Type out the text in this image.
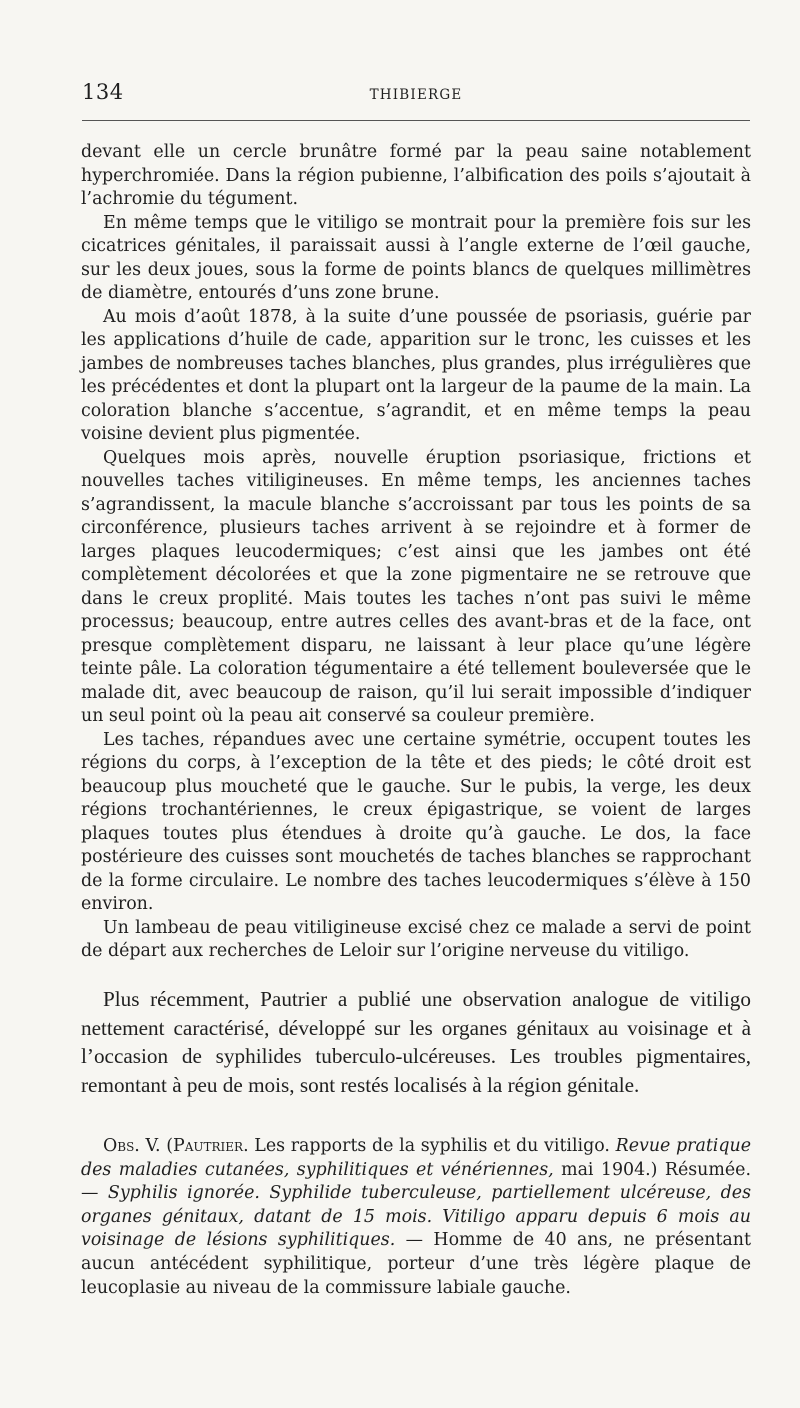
134	THIBIERGE

devant elle un cercle brunâtre formé par la peau saine notablement hyperchromiée. Dans la région pubienne, l’albification des poils s’ajoutait à l’achromie du tégument.

En même temps que le vitiligo se montrait pour la première fois sur les cicatrices génitales, il paraissait aussi à l’angle externe de l’œil gauche, sur les deux joues, sous la forme de points blancs de quelques millimètres de diamètre, entourés d’uns zone brune.

Au mois d’août 1878, à la suite d’une poussée de psoriasis, guérie par les applications d’huile de cade, apparition sur le tronc, les cuisses et les jambes de nombreuses taches blanches, plus grandes, plus irrégulières que les précédentes et dont la plupart ont la largeur de la paume de la main. La coloration blanche s’accentue, s’agrandit, et en même temps la peau voisine devient plus pigmentée.

Quelques mois après, nouvelle éruption psoriasique, frictions et nouvelles taches vitiligineuses. En même temps, les anciennes taches s’agrandissent, la macule blanche s’accroissant par tous les points de sa circonférence, plusieurs taches arrivent à se rejoindre et à former de larges plaques leucodermiques; c’est ainsi que les jambes ont été complètement décolorées et que la zone pigmentaire ne se retrouve que dans le creux proplité. Mais toutes les taches n’ont pas suivi le même processus; beaucoup, entre autres celles des avant-bras et de la face, ont presque complètement disparu, ne laissant à leur place qu’une légère teinte pâle. La coloration tégumentaire a été tellement bouleversée que le malade dit, avec beaucoup de raison, qu’il lui serait impossible d’indiquer un seul point où la peau ait conservé sa couleur première.

Les taches, répandues avec une certaine symétrie, occupent toutes les régions du corps, à l’exception de la tête et des pieds; le côté droit est beaucoup plus moucheté que le gauche. Sur le pubis, la verge, les deux régions trochantériennes, le creux épigastrique, se voient de larges plaques toutes plus étendues à droite qu’à gauche. Le dos, la face postérieure des cuisses sont mouchetés de taches blanches se rapprochant de la forme circulaire. Le nombre des taches leucodermiques s’élève à 150 environ.

Un lambeau de peau vitiligineuse excisé chez ce malade a servi de point de départ aux recherches de Leloir sur l’origine nerveuse du vitiligo.

Plus récemment, Pautrier a publié une observation analogue de vitiligo nettement caractérisé, développé sur les organes génitaux au voisinage et à l’occasion de syphilides tuberculo-ulcéreuses. Les troubles pigmentaires, remontant à peu de mois, sont restés localisés à la région génitale.

Obs. V. (Pautrier. Les rapports de la syphilis et du vitiligo. Revue pratique des maladies cutanées, syphilitiques et vénériennes, mai 1904.) Résumée. — Syphilis ignorée. Syphilide tuberculeuse, partiellement ulcéreuse, des organes génitaux, datant de 15 mois. Vitiligo apparu depuis 6 mois au voisinage de lésions syphilitiques. — Homme de 40 ans, ne présentant aucun antécédent syphilitique, porteur d’une très légère plaque de leucoplasie au niveau de la commissure labiale gauche.
